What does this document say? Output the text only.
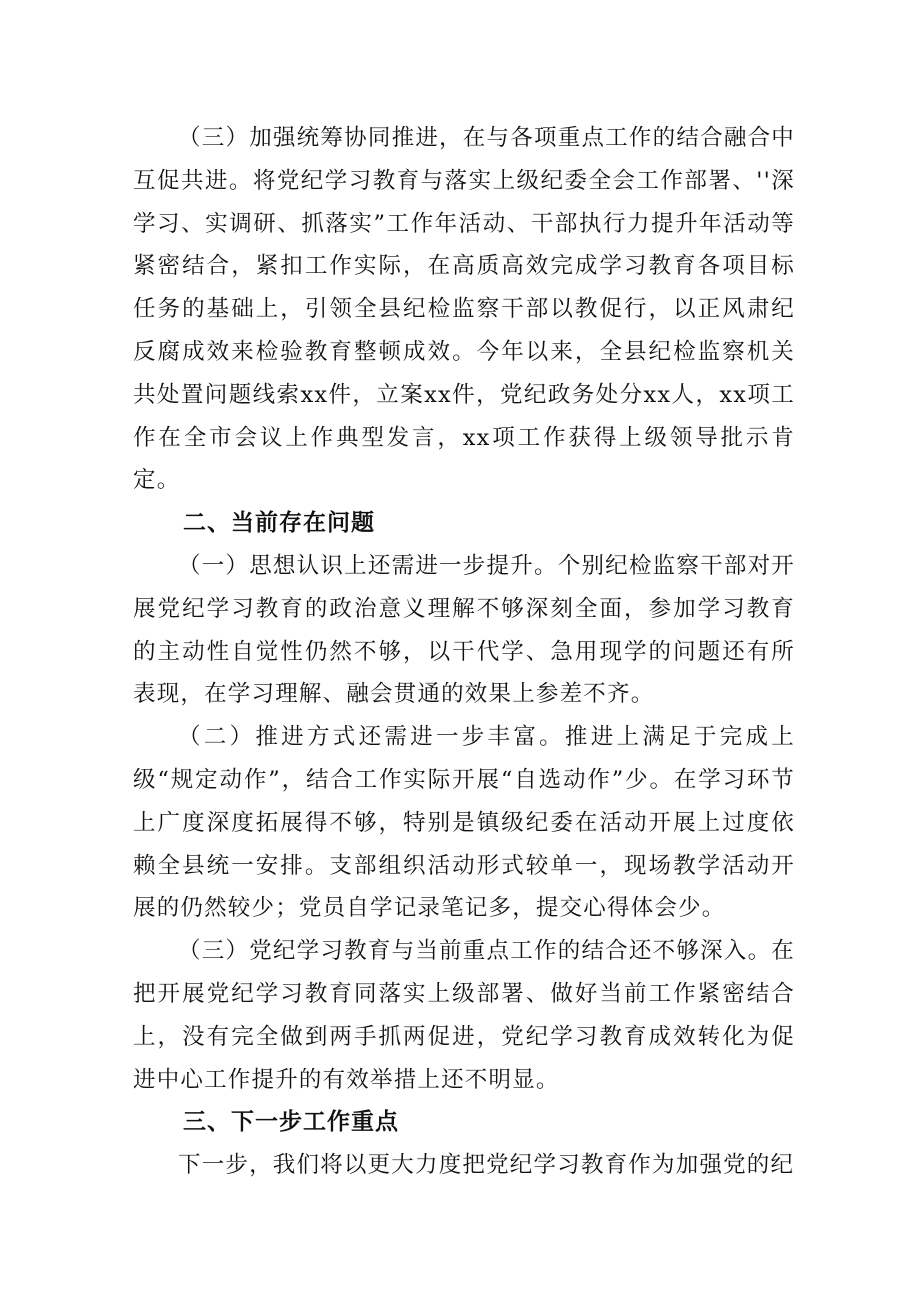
（三）加强统筹协同推进，在与各项重点工作的结合融合中互促共进。将党纪学习教育与落实上级纪委全会工作部署、''深学习、实调研、抓落实”工作年活动、干部执行力提升年活动等紧密结合，紧扣工作实际，在高质高效完成学习教育各项目标任务的基础上，引领全县纪检监察干部以教促行，以正风肃纪反腐成效来检验教育整顿成效。今年以来，全县纪检监察机关共处置问题线索xx件，立案xx件，党纪政务处分xx人，xx项工作在全市会议上作典型发言，xx项工作获得上级领导批示肯定。

二、当前存在问题

（一）思想认识上还需进一步提升。个别纪检监察干部对开展党纪学习教育的政治意义理解不够深刻全面，参加学习教育的主动性自觉性仍然不够，以干代学、急用现学的问题还有所表现，在学习理解、融会贯通的效果上参差不齐。

（二）推进方式还需进一步丰富。推进上满足于完成上级“规定动作”，结合工作实际开展“自选动作”少。在学习环节上广度深度拓展得不够，特别是镇级纪委在活动开展上过度依赖全县统一安排。支部组织活动形式较单一，现场教学活动开展的仍然较少；党员自学记录笔记多，提交心得体会少。

（三）党纪学习教育与当前重点工作的结合还不够深入。在把开展党纪学习教育同落实上级部署、做好当前工作紧密结合上，没有完全做到两手抓两促进，党纪学习教育成效转化为促进中心工作提升的有效举措上还不明显。

三、下一步工作重点

下一步，我们将以更大力度把党纪学习教育作为加强党的纪
